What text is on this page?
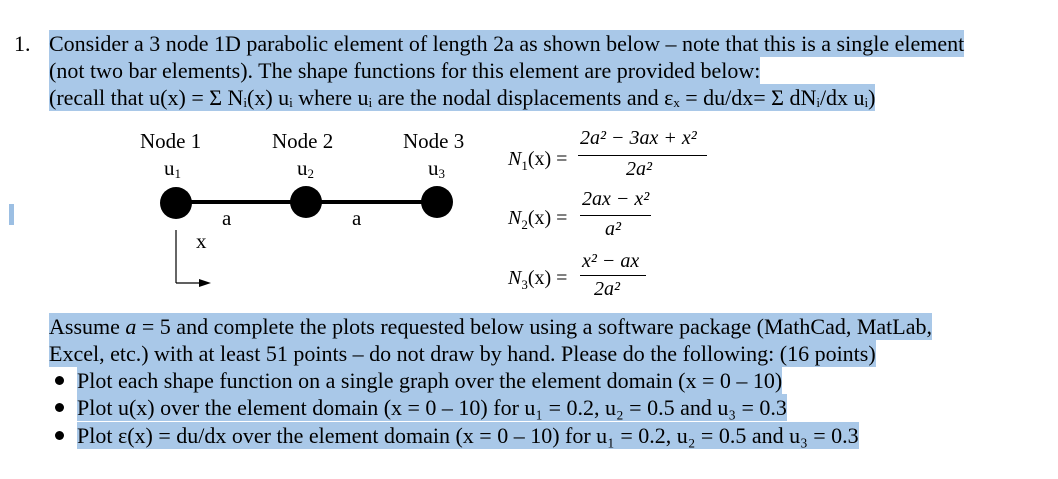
1. Consider a 3 node 1D parabolic element of length 2a as shown below – note that this is a single element
(not two bar elements). The shape functions for this element are provided below:
(recall that u(x) = Σ Nᵢ(x) uᵢ where uᵢ are the nodal displacements and εₓ = du/dx= Σ dNᵢ/dx uᵢ)
Node 1	Node 2	Node 3
u1	u2	u3
a	a
x
$N_1(x)$ =
2a² − 3ax + x²
2a²
$N_2(x)$ =
2ax − x²
a²
$N_3(x)$ =
x² − ax
2a²
Assume a = 5 and complete the plots requested below using a software package (MathCad, MatLab,
Excel, etc.) with at least 51 points – do not draw by hand. Please do the following: (16 points)
Plot each shape function on a single graph over the element domain (x = 0 – 10)
Plot u(x) over the element domain (x = 0 – 10) for u₁ = 0.2, u₂ = 0.5 and u₃ = 0.3
Plot ε(x) = du/dx over the element domain (x = 0 – 10) for u₁ = 0.2, u₂ = 0.5 and u₃ = 0.3
